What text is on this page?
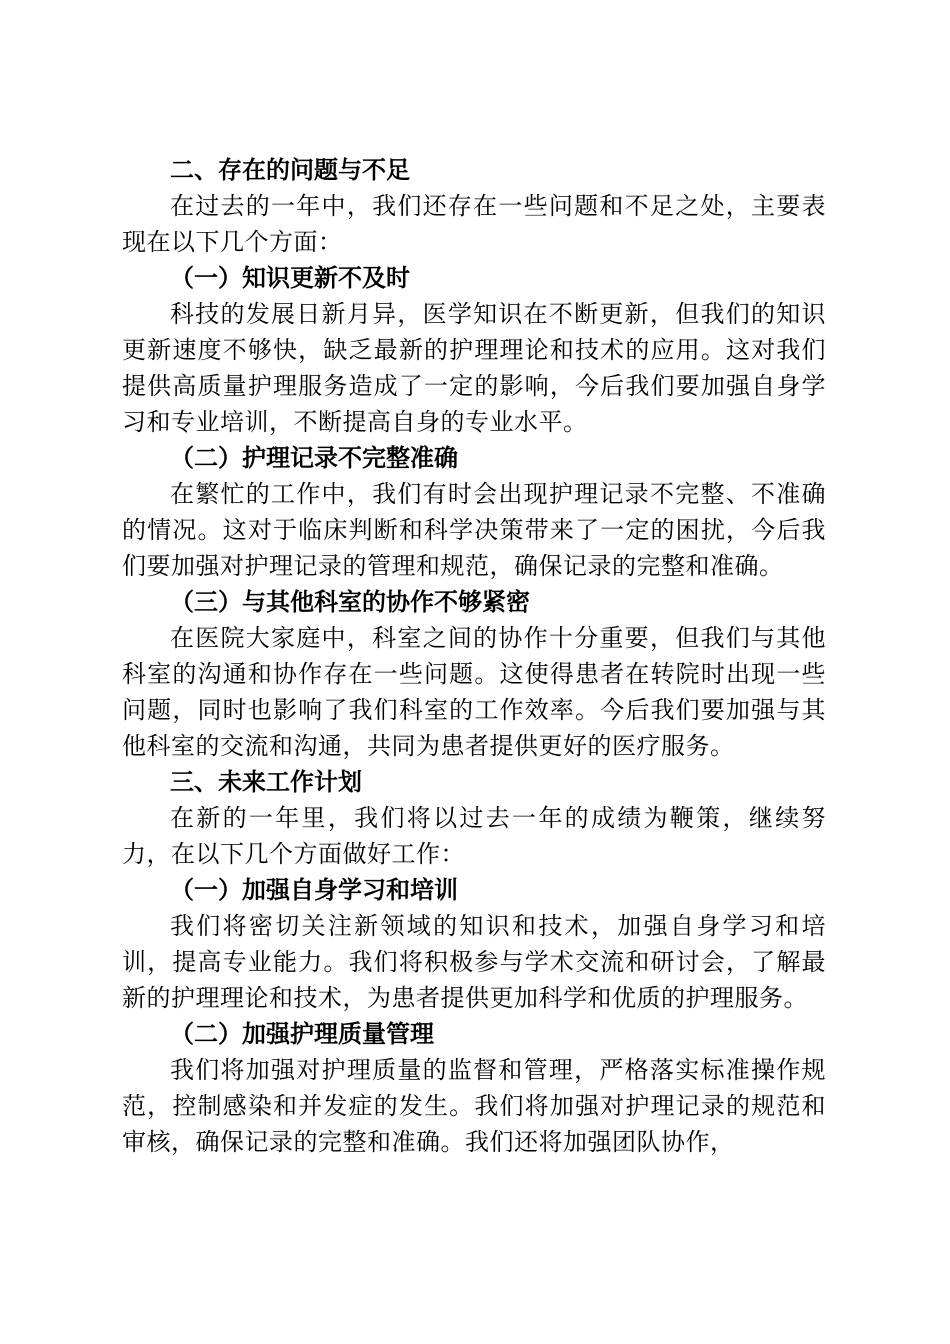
二、存在的问题与不足

在过去的一年中，我们还存在一些问题和不足之处，主要表现在以下几个方面：

（一）知识更新不及时

科技的发展日新月异，医学知识在不断更新，但我们的知识更新速度不够快，缺乏最新的护理理论和技术的应用。这对我们提供高质量护理服务造成了一定的影响，今后我们要加强自身学习和专业培训，不断提高自身的专业水平。

（二）护理记录不完整准确

在繁忙的工作中，我们有时会出现护理记录不完整、不准确的情况。这对于临床判断和科学决策带来了一定的困扰，今后我们要加强对护理记录的管理和规范，确保记录的完整和准确。

（三）与其他科室的协作不够紧密

在医院大家庭中，科室之间的协作十分重要，但我们与其他科室的沟通和协作存在一些问题。这使得患者在转院时出现一些问题，同时也影响了我们科室的工作效率。今后我们要加强与其他科室的交流和沟通，共同为患者提供更好的医疗服务。

三、未来工作计划

在新的一年里，我们将以过去一年的成绩为鞭策，继续努力，在以下几个方面做好工作：

（一）加强自身学习和培训

我们将密切关注新领域的知识和技术，加强自身学习和培训，提高专业能力。我们将积极参与学术交流和研讨会，了解最新的护理理论和技术，为患者提供更加科学和优质的护理服务。

（二）加强护理质量管理

我们将加强对护理质量的监督和管理，严格落实标准操作规范，控制感染和并发症的发生。我们将加强对护理记录的规范和审核，确保记录的完整和准确。我们还将加强团队协作，
